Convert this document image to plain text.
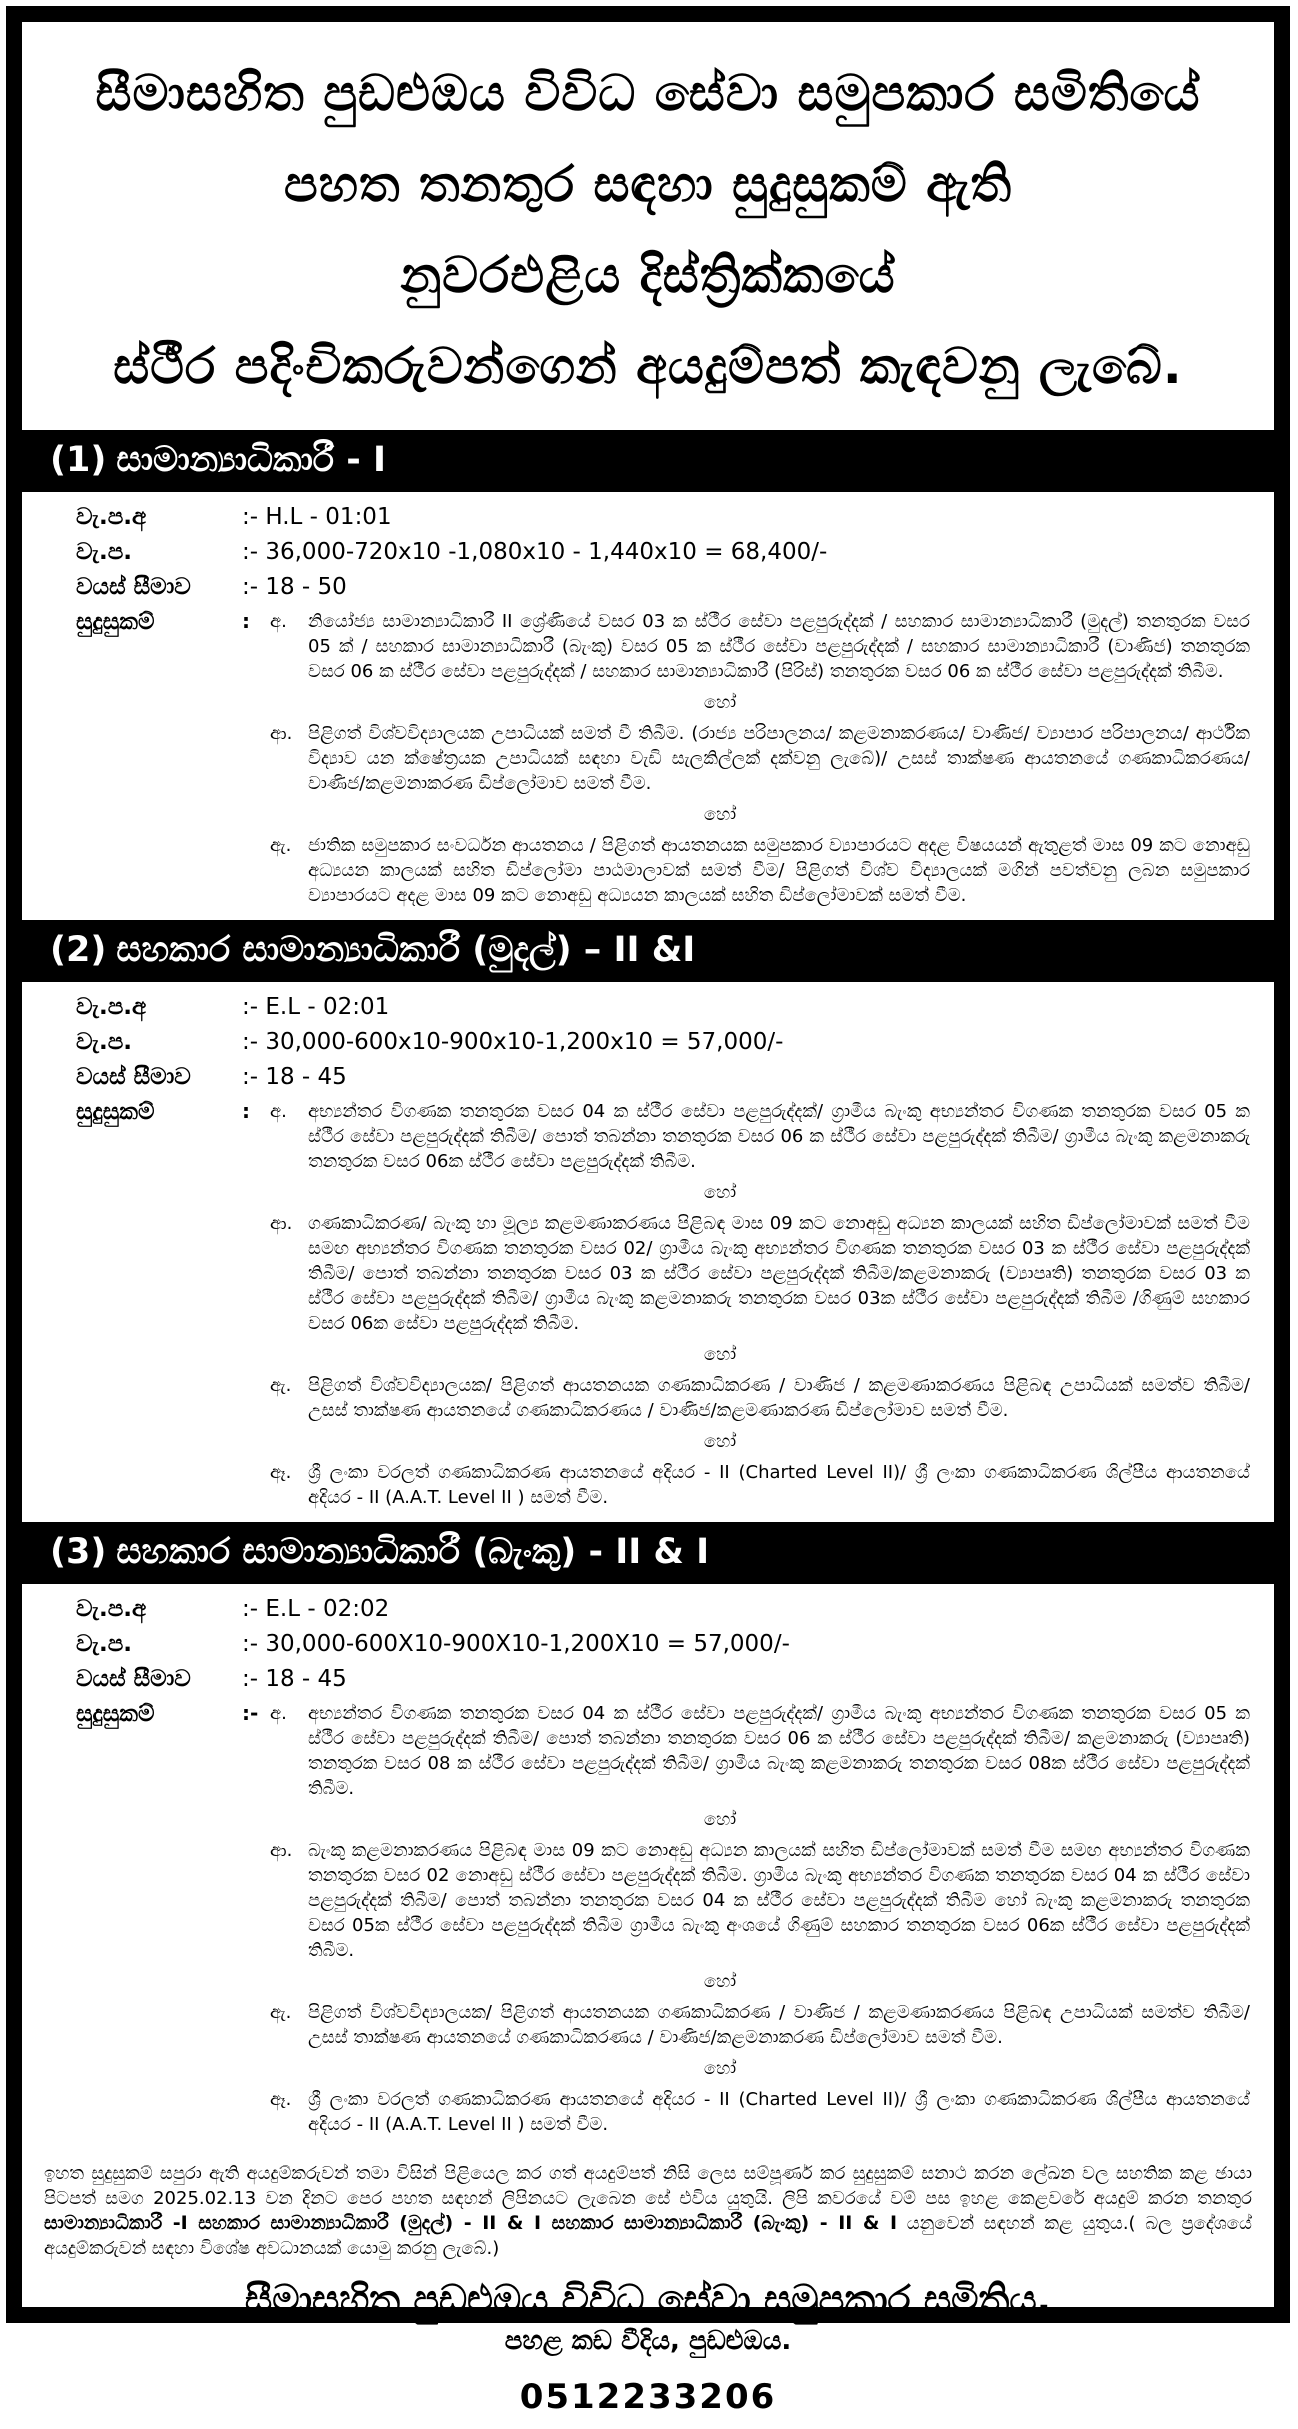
සීමාසහිත පුඩළුඔය විවිධ සේවා සමුපකාර සමිතියේ
පහත තනතුර සඳහා සුදුසුකම් ඇති
නුවරඑළිය දිස්ත්‍රික්කයේ
ස්ථීර පදිංචිකරුවන්ගෙන් අයදුම්පත් කැඳවනු ලැබේ.
(1) සාමාන්‍යාධිකාරී - I
වැ.ප.අ	:- H.L - 01:01
වැ.ප.	:- 36,000-720x10 -1,080x10 - 1,440x10 = 68,400/-
වයස් සීමාව	:- 18 - 50
සුදුසුකම්	:	අ.	නියෝජ්‍ය සාමාන්‍යාධිකාරී II ශ්‍රේණියේ වසර 03 ක ස්ථීර සේවා පළපුරුද්දක් / සහකාර සාමාන්‍යාධිකාරී (මුදල්) තනතුරක වසර 05 ක් / සහකාර සාමාන්‍යාධිකාරී (බැංකු) වසර 05 ක ස්ථීර සේවා පළපුරුද්දක් / සහකාර සාමාන්‍යාධිකාරී (වාණිජ) තනතුරක වසර 06 ක ස්ථීර සේවා පළපුරුද්දක් / සහකාර සාමාන්‍යාධිකාරී (පිරිස්) තනතුරක වසර 06 ක ස්ථීර සේවා පළපුරුද්දක් තිබීම.
හෝ
ආ. පිළිගත් විශ්වවිද්‍යාලයක උපාධියක් සමත් වී තිබීම. (රාජ්‍ය පරිපාලනය/ කළමනාකරණය/ වාණිජ/ ව්‍යාපාර පරිපාලනය/ ආර්ථික විද්‍යාව යන ක්ෂේත්‍රයක උපාධියක් සඳහා වැඩි සැලකිල්ලක් දක්වනු ලැබේ)/ උසස් තාක්ෂණ ආයතනයේ ගණකාධිකරණය/ වාණිජ/කළමනාකරණ ඩිප්ලෝමාව සමත් වීම.
හෝ
ඇ. ජාතික සමුපකාර සංවර්ධන ආයතනය / පිළිගත් ආයතනයක සමුපකාර ව්‍යාපාරයට අදළ විෂයයන් ඇතුළත් මාස 09 කට නොඅඩු අධ්‍යයන කාලයක් සහිත ඩිප්ලෝමා පාඨමාලාවක් සමත් වීම/ පිළිගත් විශ්ව විද්‍යාලයක් මගින් පවත්වනු ලබන සමුපකාර ව්‍යාපාරයට අදළ මාස 09 කට නොඅඩු අධ්‍යයන කාලයක් සහිත ඩිප්ලෝමාවක් සමත් වීම.
(2) සහකාර සාමාන්‍යාධිකාරී (මුදල්) – II &I
වැ.ප.අ	:- E.L - 02:01
වැ.ප.	:- 30,000-600x10-900x10-1,200x10 = 57,000/-
වයස් සීමාව	:- 18 - 45
සුදුසුකම්	:	අ.	අභ්‍යන්තර විගණක තනතුරක වසර 04 ක ස්ථීර සේවා පළපුරුද්දක්/ ග්‍රාමීය බැංකු අභ්‍යන්තර විගණක තනතුරක වසර 05 ක ස්ථීර සේවා පළපුරුද්දක් තිබීම/ පොත් තබන්නා තනතුරක වසර 06 ක ස්ථීර සේවා පළපුරුද්දක් තිබීම/ ග්‍රාමීය බැංකු කළමනාකරු තනතුරක වසර 06ක ස්ථීර සේවා පළපුරුද්දක් තිබීම.
හෝ
ආ. ගණකාධිකරණ/ බැංකු හා මූල්‍ය කළමණාකරණය පිළිබඳ මාස 09 කට නොඅඩු අධ්‍යන කාලයක් සහිත ඩිප්ලෝමාවක් සමත් වීම සමඟ අභ්‍යන්තර විගණක තනතුරක වසර 02/ ග්‍රාමීය බැංකු අභ්‍යන්තර විගණක තනතුරක වසර 03 ක ස්ථීර සේවා පළපුරුද්දක් තිබීම/ පොත් තබන්නා තනතුරක වසර 03 ක ස්ථීර සේවා පළපුරුද්දක් තිබීම/කළමනාකරු (ව්‍යාපෘති) තනතුරක වසර 03 ක ස්ථීර සේවා පළපුරුද්දක් තිබීම/ ග්‍රාමීය බැංකු කළමනාකරු තනතුරක වසර 03ක ස්ථීර සේවා පළපුරුද්දක් තිබීම /ගිණුම් සහකාර වසර 06ක සේවා පළපුරුද්දක් තිබීම.
හෝ
ඇ. පිළිගත් විශ්වවිද්‍යාලයක/ පිළිගත් ආයතනයක ගණකාධිකරණ / වාණිජ / කළමණාකරණය පිළිබඳ උපාධියක් සමත්ව තිබීම/ උසස් තාක්ෂණ ආයතනයේ ගණකාධිකරණය / වාණිජ/කළමණාකරණ ඩිප්ලෝමාව සමත් වීම.
හෝ
ඈ. ශ්‍රී ලංකා වරලත් ගණකාධිකරණ ආයතනයේ අදියර - II (Charted Level II)/ ශ්‍රී ලංකා ගණකාධිකරණ ශිල්පීය ආයතනයේ අදියර - II (A.A.T. Level II ) සමත් වීම.
(3) සහකාර සාමාන්‍යාධිකාරී (බැංකු) - II & I
වැ.ප.අ	:- E.L - 02:02
වැ.ප.	:- 30,000-600X10-900X10-1,200X10 = 57,000/-
වයස් සීමාව	:- 18 - 45
සුදුසුකම්	:- අ.	අභ්‍යන්තර විගණක තනතුරක වසර 04 ක ස්ථීර සේවා පළපුරුද්දක්/ ග්‍රාමීය බැංකු අභ්‍යන්තර විගණක තනතුරක වසර 05 ක ස්ථීර සේවා පළපුරුද්දක් තිබීම/ පොත් තබන්නා තනතුරක වසර 06 ක ස්ථීර සේවා පළපුරුද්දක් තිබීම/ කළමනාකරු (ව්‍යාපෘති) තනතුරක වසර 08 ක ස්ථීර සේවා පළපුරුද්දක් තිබීම/ ග්‍රාමීය බැංකු කළමනාකරු තනතුරක වසර 08ක ස්ථීර සේවා පළපුරුද්දක් තිබීම.
හෝ
ආ. බැංකු කළමනාකරණය පිළිබඳ මාස 09 කට නොඅඩු අධ්‍යන කාලයක් සහිත ඩිප්ලෝමාවක් සමත් වීම සමඟ අභ්‍යන්තර විගණක තනතුරක වසර 02 නොඅඩු ස්ථීර සේවා පළපුරුද්දක් තිබීම. ග්‍රාමීය බැංකු අභ්‍යන්තර විගණක තනතුරක වසර 04 ක ස්ථීර සේවා පළපුරුද්දක් තිබීම/ පොත් තබන්නා තනතුරක වසර 04 ක ස්ථීර සේවා පළපුරුද්දක් තිබීම හෝ බැංකු කළමනාකරු තනතුරක වසර 05ක ස්ථීර සේවා පළපුරුද්දක් තිබීම ග්‍රාමීය බැංකු අංශයේ ගිණුම් සහකාර තනතුරක වසර 06ක ස්ථීර සේවා පළපුරුද්දක් තිබීම.
හෝ
ඇ. පිළිගත් විශ්වවිද්‍යාලයක/ පිළිගත් ආයතනයක ගණකාධිකරණ / වාණිජ / කළමණාකරණය පිළිබඳ උපාධියක් සමත්ව තිබීම/ උසස් තාක්ෂණ ආයතනයේ ගණකාධිකරණය / වාණිජ/කළමනාකරණ ඩිප්ලෝමාව සමත් වීම.
හෝ
ඈ. ශ්‍රී ලංකා වරලත් ගණකාධිකරණ ආයතනයේ අදියර - II (Charted Level II)/ ශ්‍රී ලංකා ගණකාධිකරණ ශිල්පීය ආයතනයේ අදියර - II (A.A.T. Level II ) සමත් වීම.

ඉහත සුදුසුකම් සපුරා ඇති අයදුම්කරුවන් තමා විසින් පිළියෙල කර ගත් අයදුම්පත් නිසි ලෙස සම්පූර්ණ කර සුදුසුකම් සනාථ කරන ලේඛන වල සහතික කළ ඡායා පිටපත් සමග 2025.02.13 වන දිනට පෙර පහත සඳහන් ලිපිනයට ලැබෙන සේ එවිය යුතුයි. ලිපි කවරයේ වම් පස ඉහළ කෙළවරේ අයදුම් කරන තනතුර සාමාන්‍යාධිකාරී -I සහකාර සාමාන්‍යාධිකාරී (මුදල්) - II & I සහකාර සාමාන්‍යාධිකාරී (බැංකු) - II & I යනුවෙන් සඳහන් කළ යුතුය.( බල ප්‍රදේශයේ අයදුම්කරුවන් සඳහා විශේෂ අවධානයක් යොමු කරනු ලැබේ.)

සීමාසහිත පුඩළුඔය විවිධ සේවා සමුපකාර සමිතිය,
පහළ කඩ වීදිය, පුඩළුඔය.
0512233206
